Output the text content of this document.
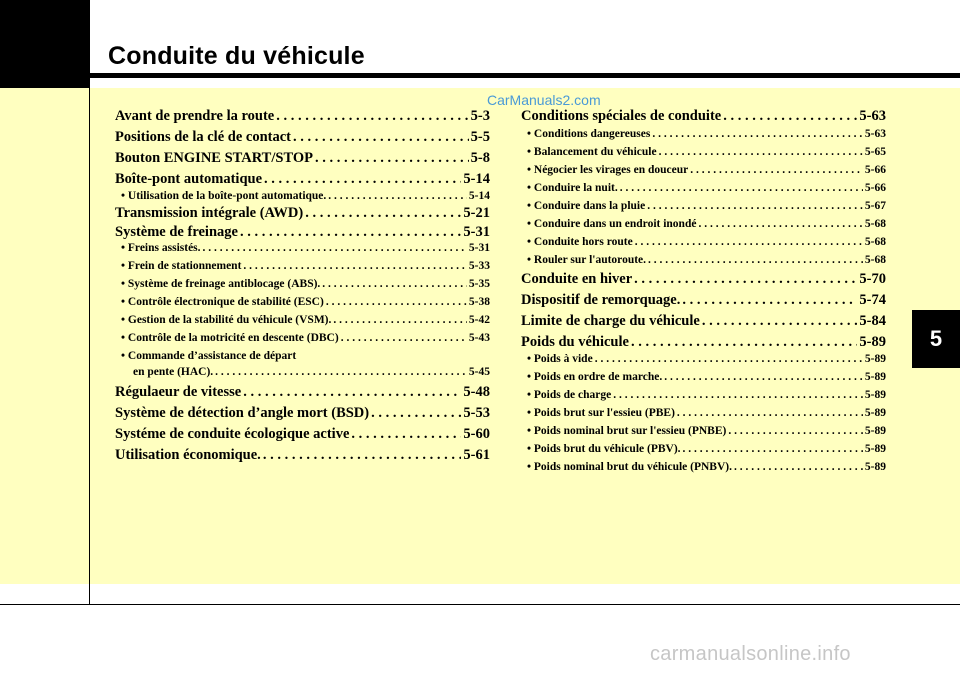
Conduite du véhicule
CarManuals2.com
5
carmanualsonline.info
Avant de prendre la route . . .	5-3
Positions de la clé de contact . . .	5-5
Bouton ENGINE START/STOP . . .	5-8
Boîte-pont automatique . . .	5-14
• Utilisation de la boîte-pont automatique. . . .	5-14
Transmission intégrale (AWD) . . .	5-21
Système de freinage . . .	5-31
• Freins assistés. . . .	5-31
• Frein de stationnement . . .	5-33
• Système de freinage antiblocage (ABS). . . .	5-35
• Contrôle électronique de stabilité (ESC) . . .	5-38
• Gestion de la stabilité du véhicule (VSM). . . .	5-42
• Contrôle de la motricité en descente (DBC) . . .	5-43
• Commande d’assistance de départ
en pente (HAC). . . .	5-45
Régulaeur de vitesse . . .	5-48
Système de détection d’angle mort (BSD) . . .	5-53
Systéme de conduite écologique active . . .	5-60
Utilisation économique. . . .	5-61
Conditions spéciales de conduite . . .	5-63
• Conditions dangereuses . . .	5-63
• Balancement du véhicule . . .	5-65
• Négocier les virages en douceur . . .	5-66
• Conduire la nuit. . . .	5-66
• Conduire dans la pluie . . .	5-67
• Conduire dans un endroit inondé . . .	5-68
• Conduite hors route . . .	5-68
• Rouler sur l'autoroute. . . .	5-68
Conduite en hiver . . .	5-70
Dispositif de remorquage. . . .	5-74
Limite de charge du véhicule . . .	5-84
Poids du véhicule . . .	5-89
• Poids à vide . . .	5-89
• Poids en ordre de marche. . . .	5-89
• Poids de charge . . .	5-89
• Poids brut sur l'essieu (PBE) . . .	5-89
• Poids nominal brut sur l'essieu (PNBE) . . .	5-89
• Poids brut du véhicule (PBV). . . .	5-89
• Poids nominal brut du véhicule (PNBV). . . .	5-89
